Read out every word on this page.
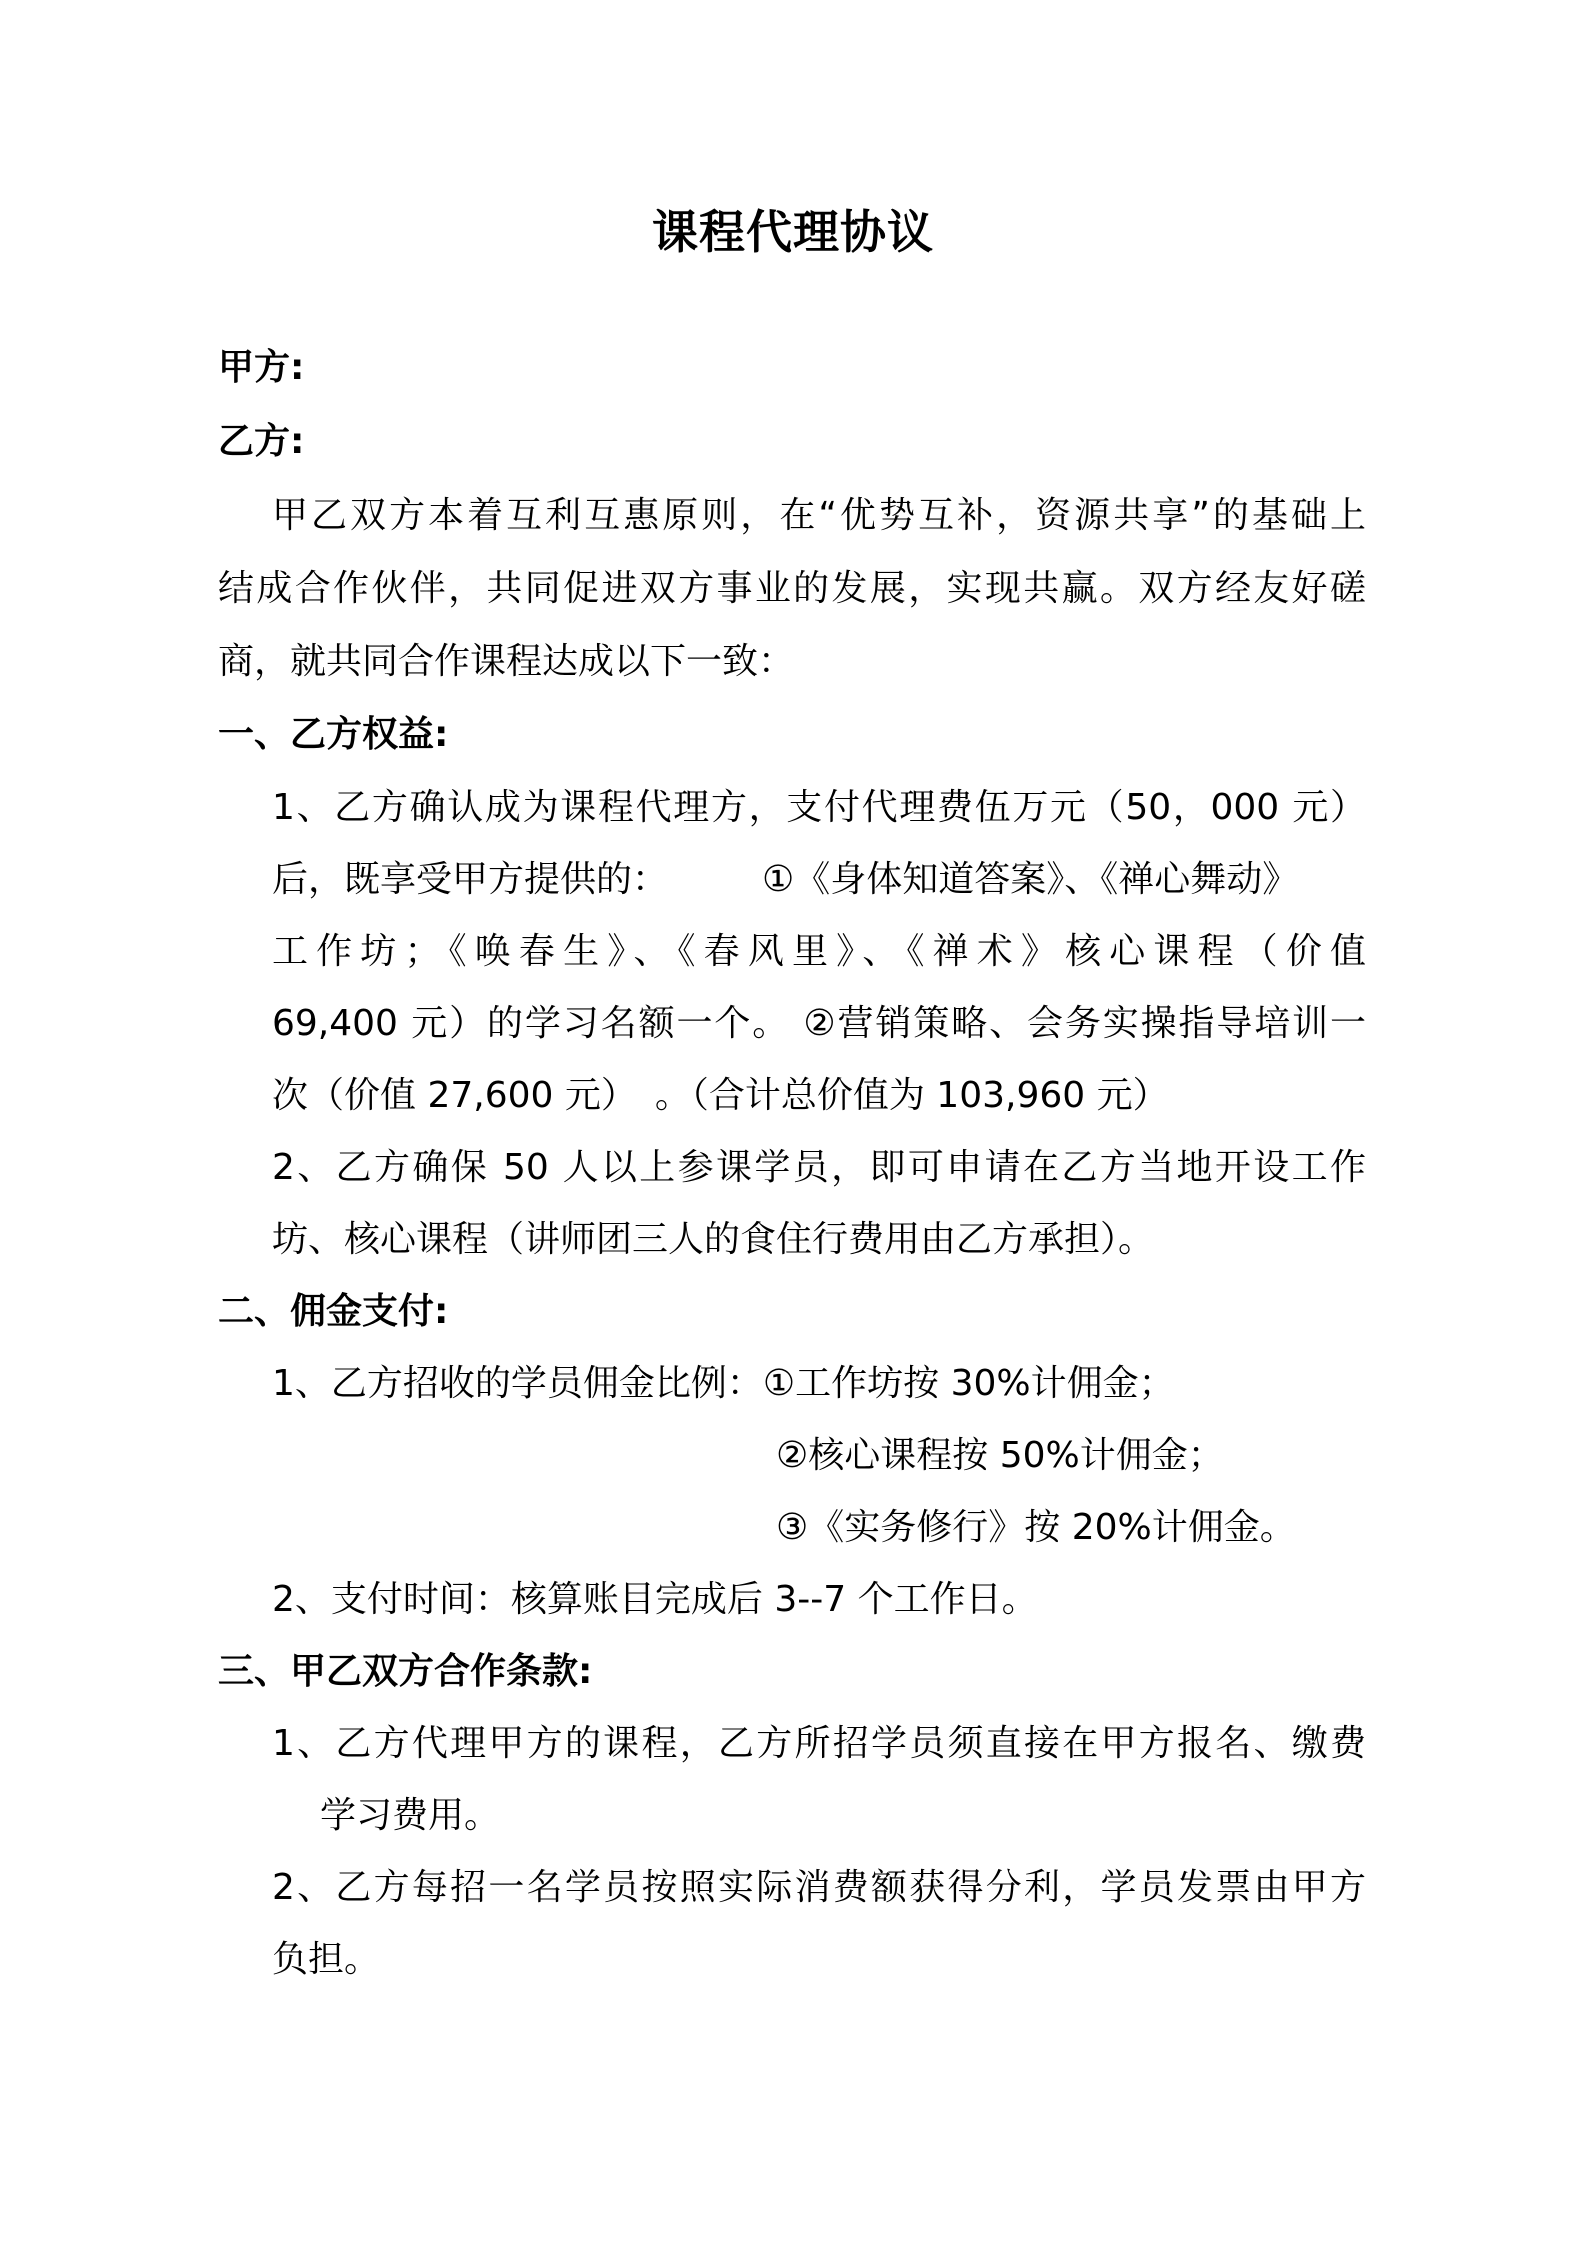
课程代理协议
甲方:
乙方:
甲乙双方本着互利互惠原则，在“优势互补，资源共享”的基础上
结成合作伙伴，共同促进双方事业的发展，实现共赢。双方经友好磋
商，就共同合作课程达成以下一致：
一、乙方权益:
1、乙方确认成为课程代理方，支付代理费伍万元（50，000 元）
后，既享受甲方提供的：	①《身体知道答案》、《禅心舞动》
工作坊；《唤春生》、《春风里》、《禅术》核心课程（价值
69,400 元）的学习名额一个。 ②营销策略、会务实操指导培训一
次（价值 27,600 元）　。（合计总价值为 103,960 元）
2、乙方确保 50 人以上参课学员，即可申请在乙方当地开设工作
坊、核心课程（讲师团三人的食住行费用由乙方承担）。
二、佣金支付:
1、乙方招收的学员佣金比例：①工作坊按 30%计佣金；
②核心课程按 50%计佣金；
③《实务修行》按 20%计佣金。
2、支付时间：核算账目完成后 3--7 个工作日。
三、甲乙双方合作条款:
1、乙方代理甲方的课程，乙方所招学员须直接在甲方报名、缴费
学习费用。
2、乙方每招一名学员按照实际消费额获得分利，学员发票由甲方
负担。
